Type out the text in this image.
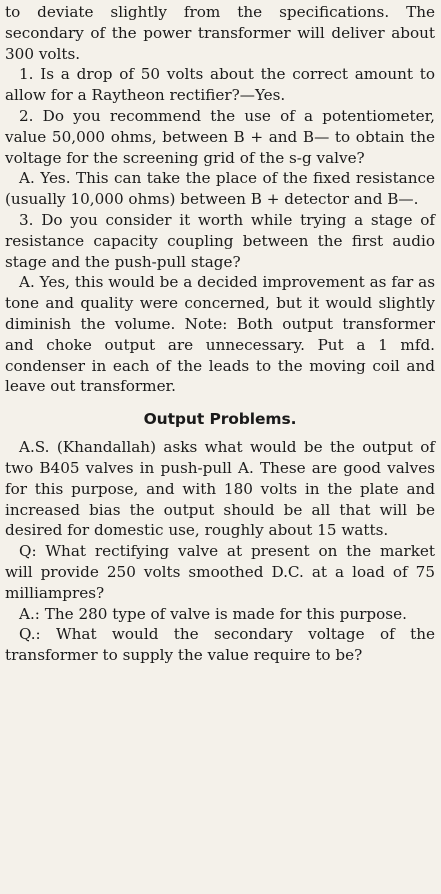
to deviate slightly from the specifications. The secondary of the power transformer will deliver about 300 volts.

1. Is a drop of 50 volts about the correct amount to allow for a Raytheon rectifier?—Yes.

2. Do you recommend the use of a potentiometer, value 50,000 ohms, between B + and B— to obtain the voltage for the screening grid of the s-g valve?

A. Yes. This can take the place of the fixed resistance (usually 10,000 ohms) between B + detector and B—.

3. Do you consider it worth while trying a stage of resistance capacity coupling between the first audio stage and the push-pull stage?

A. Yes, this would be a decided improvement as far as tone and quality were concerned, but it would slightly diminish the volume. Note: Both output transformer and choke output are unnecessary. Put a 1 mfd. condenser in each of the leads to the moving coil and leave out transformer.

Output Problems.

A.S. (Khandallah) asks what would be the output of two B405 valves in push-pull A. These are good valves for this purpose, and with 180 volts in the plate and increased bias the output should be all that will be desired for domestic use, roughly about 15 watts.

Q: What rectifying valve at present on the market will provide 250 volts smoothed D.C. at a load of 75 milliampres?

A.: The 280 type of valve is made for this purpose.

Q.: What would the secondary voltage of the transformer to supply the value require to be?
